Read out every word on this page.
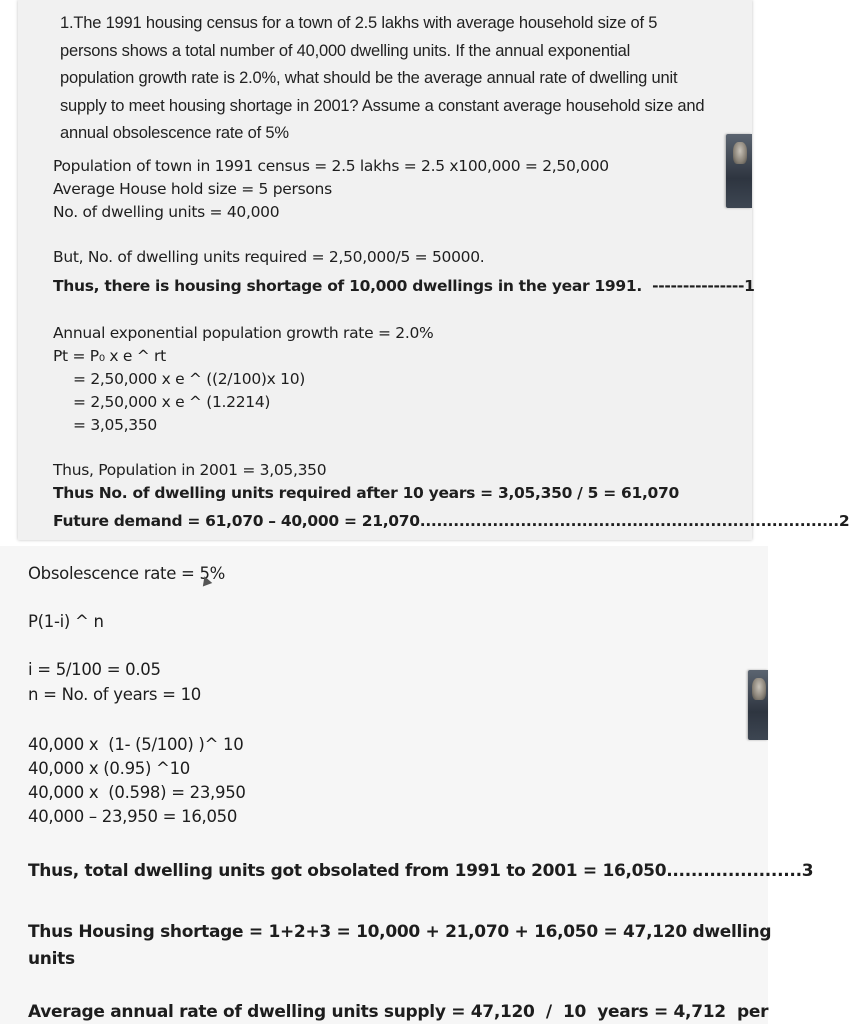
1.The 1991 housing census for a town of 2.5 lakhs with average household size of 5
persons shows a total number of 40,000 dwelling units. If the annual exponential
population growth rate is 2.0%, what should be the average annual rate of dwelling unit
supply to meet housing shortage in 2001? Assume a constant average household size and
annual obsolescence rate of 5%
Population of town in 1991 census = 2.5 lakhs = 2.5 x100,000 = 2,50,000
Average House hold size = 5 persons
No. of dwelling units = 40,000
But, No. of dwelling units required = 2,50,000/5 = 50000.
Thus, there is housing shortage of 10,000 dwellings in the year 1991.  ---------------1
Annual exponential population growth rate = 2.0%
Pt = P₀ x e ^ rt
= 2,50,000 x e ^ ((2/100)x 10)
= 2,50,000 x e ^ (1.2214)
= 3,05,350
Thus, Population in 2001 = 3,05,350
Thus No. of dwelling units required after 10 years = 3,05,350 / 5 = 61,070
Future demand = 61,070 – 40,000 = 21,070...........................................................................2
Obsolescence rate = 5%
P(1-i) ^ n
i = 5/100 = 0.05
n = No. of years = 10
40,000 x  (1- (5/100) )^ 10
40,000 x (0.95) ^10
40,000 x  (0.598) = 23,950
40,000 – 23,950 = 16,050
Thus, total dwelling units got obsolated from 1991 to 2001 = 16,050......................3
Thus Housing shortage = 1+2+3 = 10,000 + 21,070 + 16,050 = 47,120 dwelling
units
Average annual rate of dwelling units supply = 47,120  /  10  years = 4,712  per
